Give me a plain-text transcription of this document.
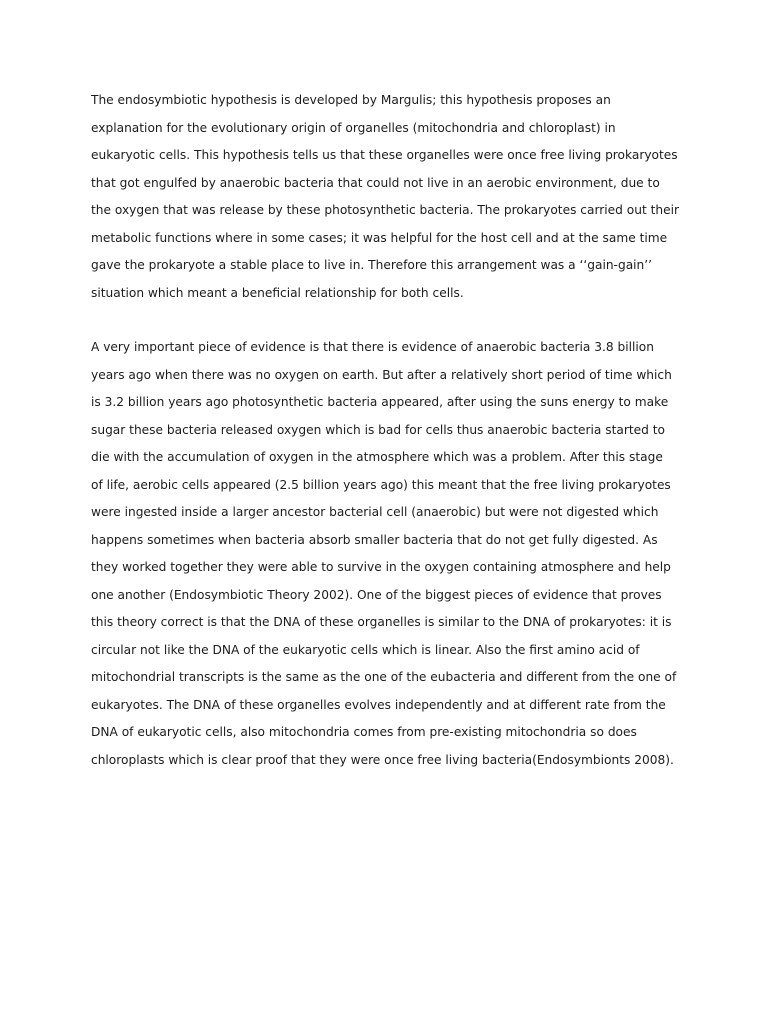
The endosymbiotic hypothesis is developed by Margulis; this hypothesis proposes an
explanation for the evolutionary origin of organelles (mitochondria and chloroplast) in
eukaryotic cells. This hypothesis tells us that these organelles were once free living prokaryotes
that got engulfed by anaerobic bacteria that could not live in an aerobic environment, due to
the oxygen that was release by these photosynthetic bacteria. The prokaryotes carried out their
metabolic functions where in some cases; it was helpful for the host cell and at the same time
gave the prokaryote a stable place to live in. Therefore this arrangement was a ‘‘gain-gain’’
situation which meant a beneficial relationship for both cells.
A very important piece of evidence is that there is evidence of anaerobic bacteria 3.8 billion
years ago when there was no oxygen on earth. But after a relatively short period of time which
is 3.2 billion years ago photosynthetic bacteria appeared, after using the suns energy to make
sugar these bacteria released oxygen which is bad for cells thus anaerobic bacteria started to
die with the accumulation of oxygen in the atmosphere which was a problem. After this stage
of life, aerobic cells appeared (2.5 billion years ago) this meant that the free living prokaryotes
were ingested inside a larger ancestor bacterial cell (anaerobic) but were not digested which
happens sometimes when bacteria absorb smaller bacteria that do not get fully digested. As
they worked together they were able to survive in the oxygen containing atmosphere and help
one another (Endosymbiotic Theory 2002). One of the biggest pieces of evidence that proves
this theory correct is that the DNA of these organelles is similar to the DNA of prokaryotes: it is
circular not like the DNA of the eukaryotic cells which is linear. Also the first amino acid of
mitochondrial transcripts is the same as the one of the eubacteria and different from the one of
eukaryotes. The DNA of these organelles evolves independently and at different rate from the
DNA of eukaryotic cells, also mitochondria comes from pre-existing mitochondria so does
chloroplasts which is clear proof that they were once free living bacteria(Endosymbionts 2008).
